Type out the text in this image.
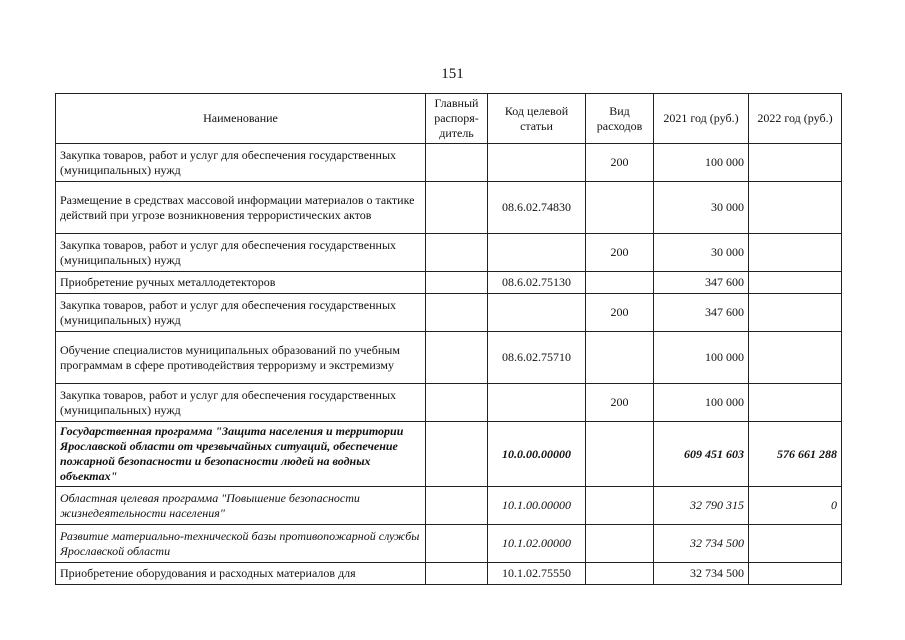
151
Наименование	Главный распоря-дитель	Код целевой статьи	Вид расходов	2021 год (руб.)	2022 год (руб.)
Закупка товаров, работ и услуг для обеспечения государственных (муниципальных) нужд			200	100 000	
Размещение в средствах массовой информации материалов о тактике действий при угрозе возникновения террористических актов		08.6.02.74830		30 000	
Закупка товаров, работ и услуг для обеспечения государственных (муниципальных) нужд			200	30 000	
Приобретение ручных металлодетекторов		08.6.02.75130		347 600	
Закупка товаров, работ и услуг для обеспечения государственных (муниципальных) нужд			200	347 600	
Обучение специалистов муниципальных образований по учебным программам в сфере противодействия терроризму и экстремизму		08.6.02.75710		100 000	
Закупка товаров, работ и услуг для обеспечения государственных (муниципальных) нужд			200	100 000	
Государственная программа "Защита населения и территории Ярославской области от чрезвычайных ситуаций, обеспечение пожарной безопасности и безопасности людей на водных объектах"		10.0.00.00000		609 451 603	576 661 288
Областная целевая программа "Повышение безопасности жизнедеятельности населения"		10.1.00.00000		32 790 315	0
Развитие материально-технической базы противопожарной службы Ярославской области		10.1.02.00000		32 734 500	
Приобретение оборудования и расходных материалов для		10.1.02.75550		32 734 500	
